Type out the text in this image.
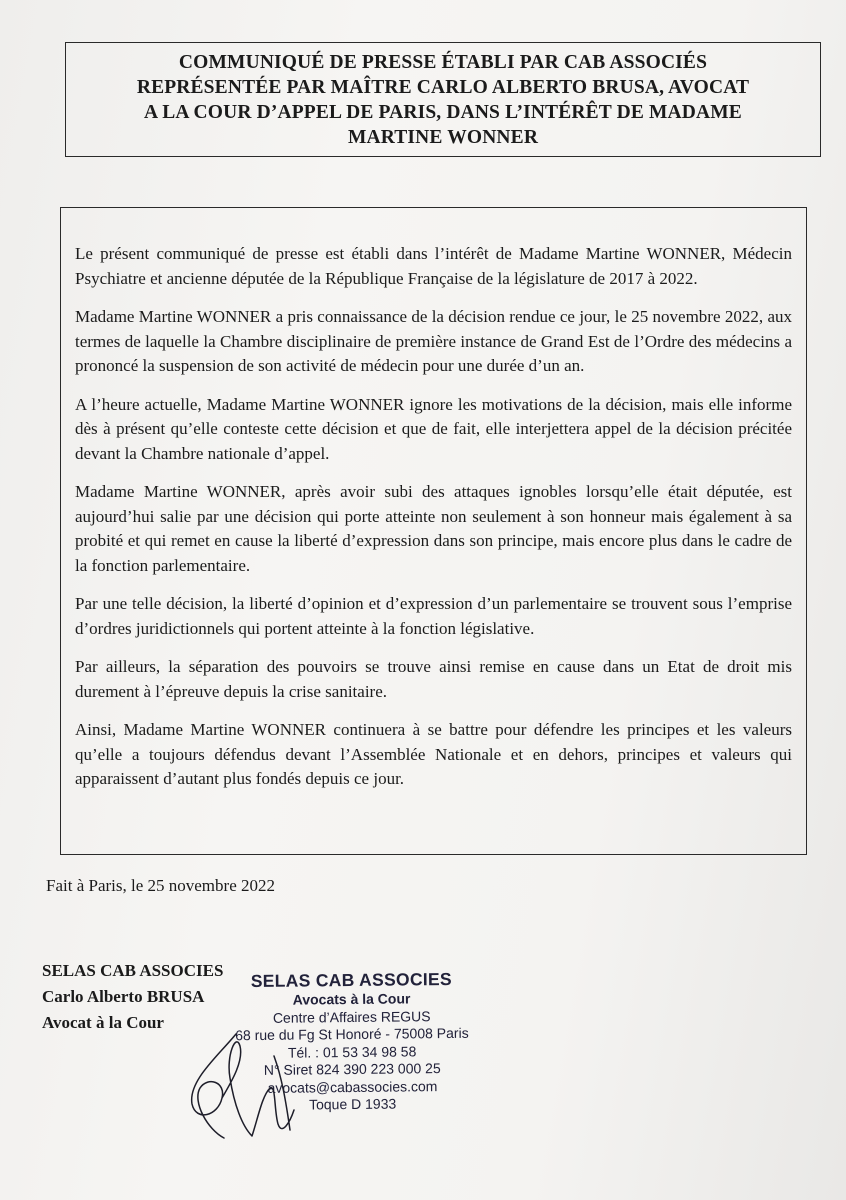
COMMUNIQUÉ DE PRESSE ÉTABLI PAR CAB ASSOCIÉS
REPRÉSENTÉE PAR MAÎTRE CARLO ALBERTO BRUSA, AVOCAT
A LA COUR D’APPEL DE PARIS, DANS L’INTÉRÊT DE MADAME
MARTINE WONNER

Le présent communiqué de presse est établi dans l’intérêt de Madame Martine WONNER, Médecin Psychiatre et ancienne députée de la République Française de la législature de 2017 à 2022.

Madame Martine WONNER a pris connaissance de la décision rendue ce jour, le 25 novembre 2022, aux termes de laquelle la Chambre disciplinaire de première instance de Grand Est de l’Ordre des médecins a prononcé la suspension de son activité de médecin pour une durée d’un an.

A l’heure actuelle, Madame Martine WONNER ignore les motivations de la décision, mais elle informe dès à présent qu’elle conteste cette décision et que de fait, elle interjettera appel de la décision précitée devant la Chambre nationale d’appel.

Madame Martine WONNER, après avoir subi des attaques ignobles lorsqu’elle était députée, est aujourd’hui salie par une décision qui porte atteinte non seulement à son honneur mais également à sa probité et qui remet en cause la liberté d’expression dans son principe, mais encore plus dans le cadre de la fonction parlementaire.

Par une telle décision, la liberté d’opinion et d’expression d’un parlementaire se trouvent sous l’emprise d’ordres juridictionnels qui portent atteinte à la fonction législative.

Par ailleurs, la séparation des pouvoirs se trouve ainsi remise en cause dans un Etat de droit mis durement à l’épreuve depuis la crise sanitaire.

Ainsi, Madame Martine WONNER continuera à se battre pour défendre les principes et les valeurs qu’elle a toujours défendus devant l’Assemblée Nationale et en dehors, principes et valeurs qui apparaissent d’autant plus fondés depuis ce jour.

Fait à Paris, le 25 novembre 2022
SELAS CAB ASSOCIES
Carlo Alberto BRUSA
Avocat à la Cour
SELAS CAB ASSOCIES
Avocats à la Cour
Centre d’Affaires REGUS
68 rue du Fg St Honoré - 75008 Paris
Tél. : 01 53 34 98 58
N° Siret 824 390 223 000 25
avocats@cabassocies.com
Toque D 1933
